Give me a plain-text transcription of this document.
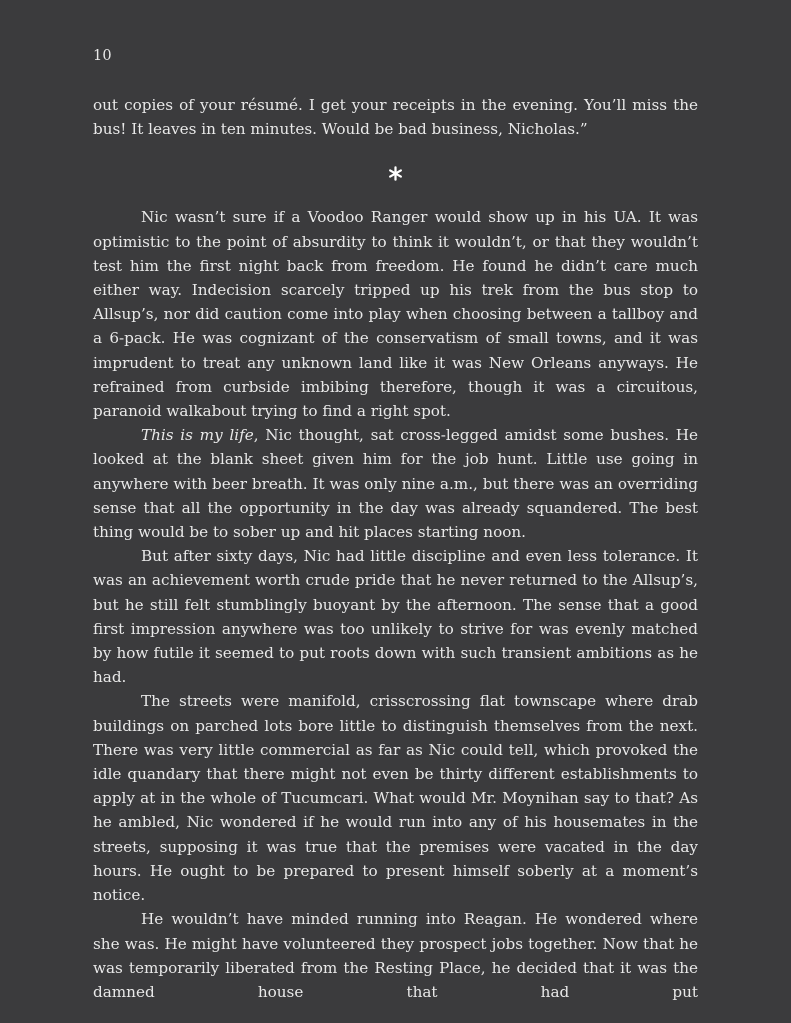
10

out copies of your résumé. I get your receipts in the evening. You’ll miss the bus! It leaves in ten minutes. Would be bad business, Nicholas.”

Nic wasn’t sure if a Voodoo Ranger would show up in his UA. It was optimistic to the point of absurdity to think it wouldn’t, or that they wouldn’t test him the first night back from freedom. He found he didn’t care much either way. Indecision scarcely tripped up his trek from the bus stop to Allsup’s, nor did caution come into play when choosing between a tallboy and a 6-pack. He was cognizant of the conservatism of small towns, and it was imprudent to treat any unknown land like it was New Orleans anyways. He refrained from curbside imbibing therefore, though it was a circuitous, paranoid walkabout trying to find a right spot.

This is my life, Nic thought, sat cross-legged amidst some bushes. He looked at the blank sheet given him for the job hunt. Little use going in anywhere with beer breath. It was only nine a.m., but there was an overriding sense that all the opportunity in the day was already squandered. The best thing would be to sober up and hit places starting noon.

But after sixty days, Nic had little discipline and even less tolerance. It was an achievement worth crude pride that he never returned to the Allsup’s, but he still felt stumblingly buoyant by the afternoon. The sense that a good first impression anywhere was too unlikely to strive for was evenly matched by how futile it seemed to put roots down with such transient ambitions as he had.

The streets were manifold, crisscrossing flat townscape where drab buildings on parched lots bore little to distinguish themselves from the next. There was very little commercial as far as Nic could tell, which provoked the idle quandary that there might not even be thirty different establishments to apply at in the whole of Tucumcari. What would Mr. Moynihan say to that? As he ambled, Nic wondered if he would run into any of his housemates in the streets, supposing it was true that the premises were vacated in the day hours. He ought to be prepared to present himself soberly at a moment’s notice.

He wouldn’t have minded running into Reagan. He wondered where she was. He might have volunteered they prospect jobs together. Now that he was temporarily liberated from the Resting Place, he decided that it was the damned house that had put
